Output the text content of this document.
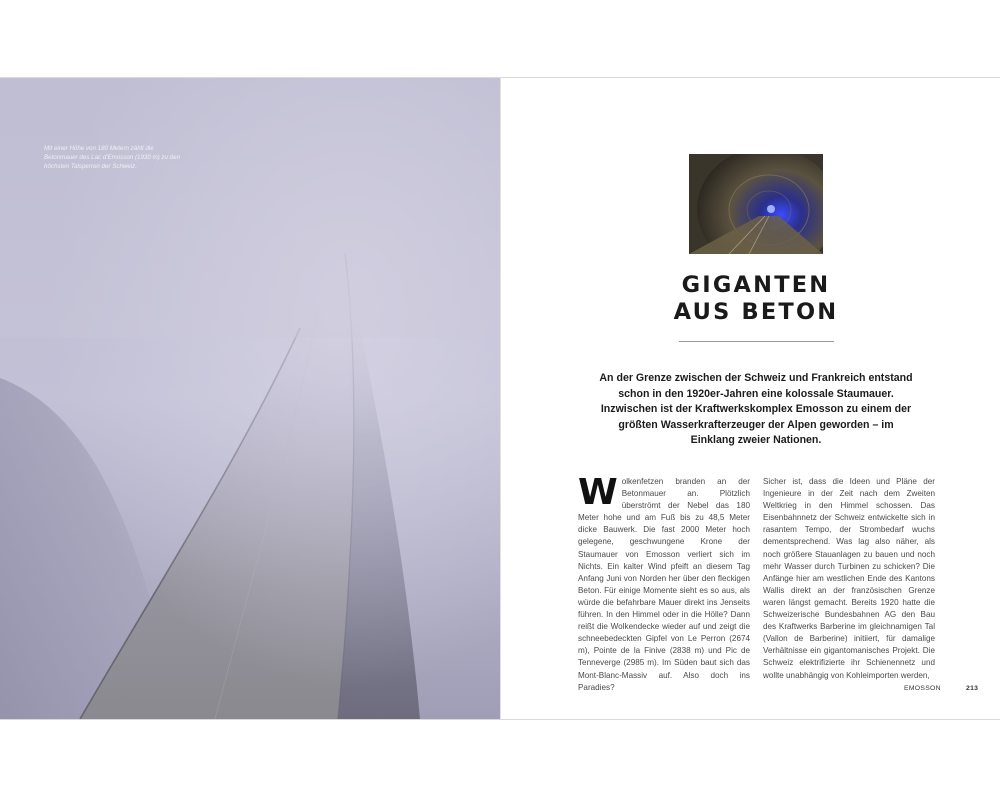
Mit einer Höhe von 180 Metern zählt die Betonmauer des Lac d'Emosson (1930 m) zu den höchsten Talsperren der Schweiz.
GIGANTEN
AUS BETON

An der Grenze zwischen der Schweiz und Frankreich entstand schon in den 1920er-Jahren eine kolossale Staumauer. Inzwischen ist der Kraftwerkskomplex Emosson zu einem der größten Wasserkrafterzeuger der Alpen geworden – im Einklang zweier Nationen.

Wolkenfetzen branden an der Betonmauer an. Plötzlich überströmt der Nebel das 180 Meter hohe und am Fuß bis zu 48,5 Meter dicke Bauwerk. Die fast 2000 Meter hoch gelegene, geschwungene Krone der Staumauer von Emosson verliert sich im Nichts. Ein kalter Wind pfeift an diesem Tag Anfang Juni von Norden her über den fleckigen Beton. Für einige Momente sieht es so aus, als würde die befahrbare Mauer direkt ins Jenseits führen. In den Himmel oder in die Hölle? Dann reißt die Wolkendecke wieder auf und zeigt die schneebedeckten Gipfel von Le Perron (2674 m), Pointe de la Finive (2838 m) und Pic de Tenneverge (2985 m). Im Süden baut sich das Mont-Blanc-Massiv auf. Also doch ins Paradies?

Sicher ist, dass die Ideen und Pläne der Ingenieure in der Zeit nach dem Zweiten Weltkrieg in den Himmel schossen. Das Eisenbahnnetz der Schweiz entwickelte sich in rasantem Tempo, der Strombedarf wuchs dementsprechend. Was lag also näher, als noch größere Stauanlagen zu bauen und noch mehr Wasser durch Turbinen zu schicken? Die Anfänge hier am westlichen Ende des Kantons Wallis direkt an der französischen Grenze waren längst gemacht. Bereits 1920 hatte die Schweizerische Bundesbahnen AG den Bau des Kraftwerks Barberine im gleichnamigen Tal (Vallon de Barberine) initiiert, für damalige Verhältnisse ein gigantomanisches Projekt. Die Schweiz elektrifizierte ihr Schienennetz und wollte unabhängig von Kohleimporten werden,

EMOSSON	213
